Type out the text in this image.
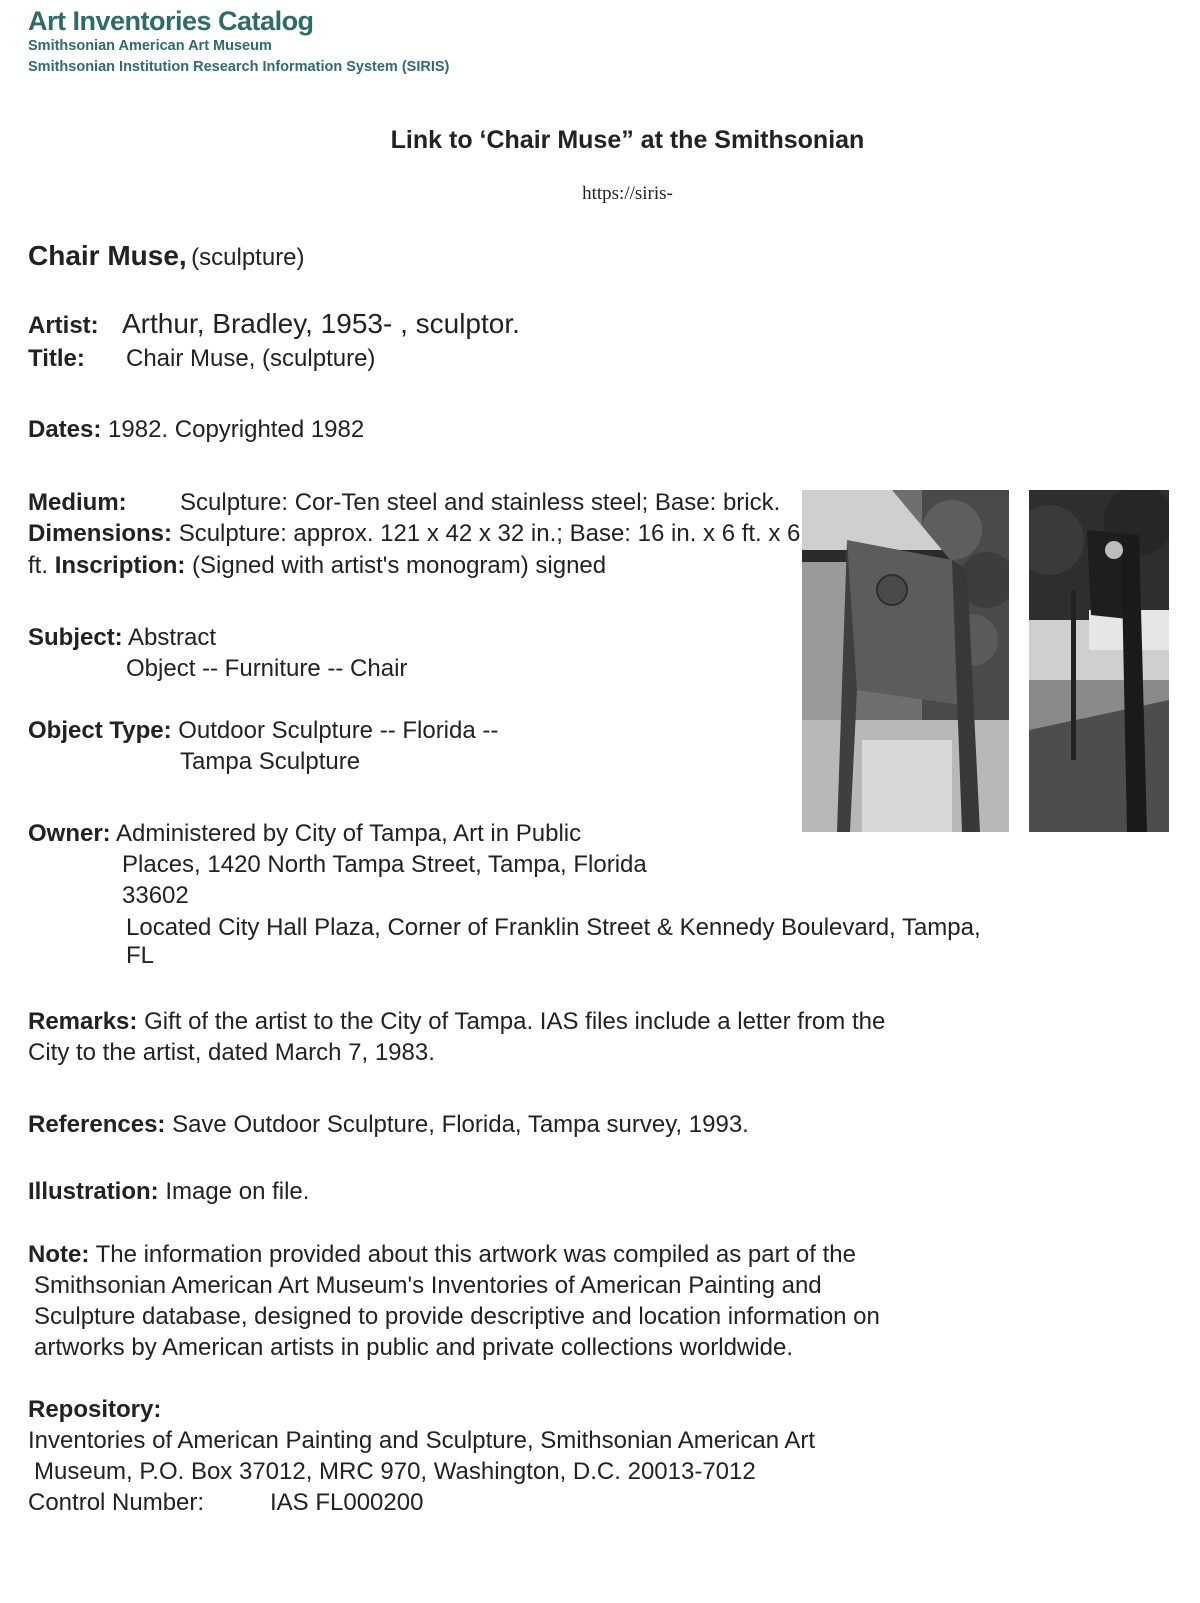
Art Inventories Catalog
Smithsonian American Art Museum
Smithsonian Institution Research Information System (SIRIS)
Link to ‘Chair Muse” at the Smithsonian
https://siris-
Chair Muse, (sculpture)
Artist: Arthur, Bradley, 1953- , sculptor.
Title: Chair Muse, (sculpture)
Dates: 1982. Copyrighted 1982
Medium: Sculpture: Cor-Ten steel and stainless steel; Base: brick.
Dimensions: Sculpture: approx. 121 x 42 x 32 in.; Base: 16 in. x 6 ft. x 6
ft. Inscription: (Signed with artist's monogram) signed
Subject: Abstract
Object -- Furniture -- Chair
Object Type: Outdoor Sculpture -- Florida --
Tampa Sculpture
Owner: Administered by City of Tampa, Art in Public
Places, 1420 North Tampa Street, Tampa, Florida
33602
Located City Hall Plaza, Corner of Franklin Street & Kennedy Boulevard, Tampa,
FL
Remarks: Gift of the artist to the City of Tampa. IAS files include a letter from the
City to the artist, dated March 7, 1983.
References: Save Outdoor Sculpture, Florida, Tampa survey, 1993.
Illustration: Image on file.
Note: The information provided about this artwork was compiled as part of the
Smithsonian American Art Museum's Inventories of American Painting and
Sculpture database, designed to provide descriptive and location information on
artworks by American artists in public and private collections worldwide.
Repository:
Inventories of American Painting and Sculpture, Smithsonian American Art
Museum, P.O. Box 37012, MRC 970, Washington, D.C. 20013-7012
Control Number:	IAS FL000200
